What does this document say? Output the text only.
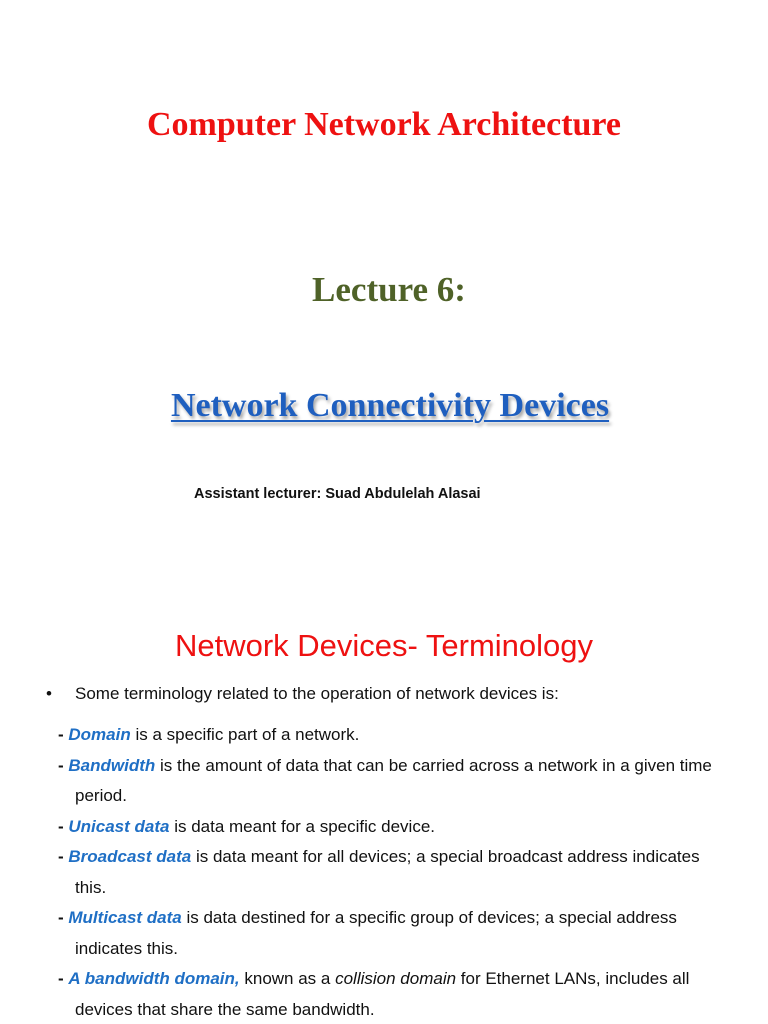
Computer Network Architecture
Lecture 6:
Network Connectivity Devices
Assistant lecturer: Suad Abdulelah Alasai
Network Devices- Terminology
• Some terminology related to the operation of network devices is:
- Domain is a specific part of a network.
- Bandwidth is the amount of data that can be carried across a network in a given time period.
- Unicast data is data meant for a specific device.
- Broadcast data is data meant for all devices; a special broadcast address indicates this.
- Multicast data is data destined for a specific group of devices; a special address indicates this.
- A bandwidth domain, known as a collision domain for Ethernet LANs, includes all devices that share the same bandwidth.
